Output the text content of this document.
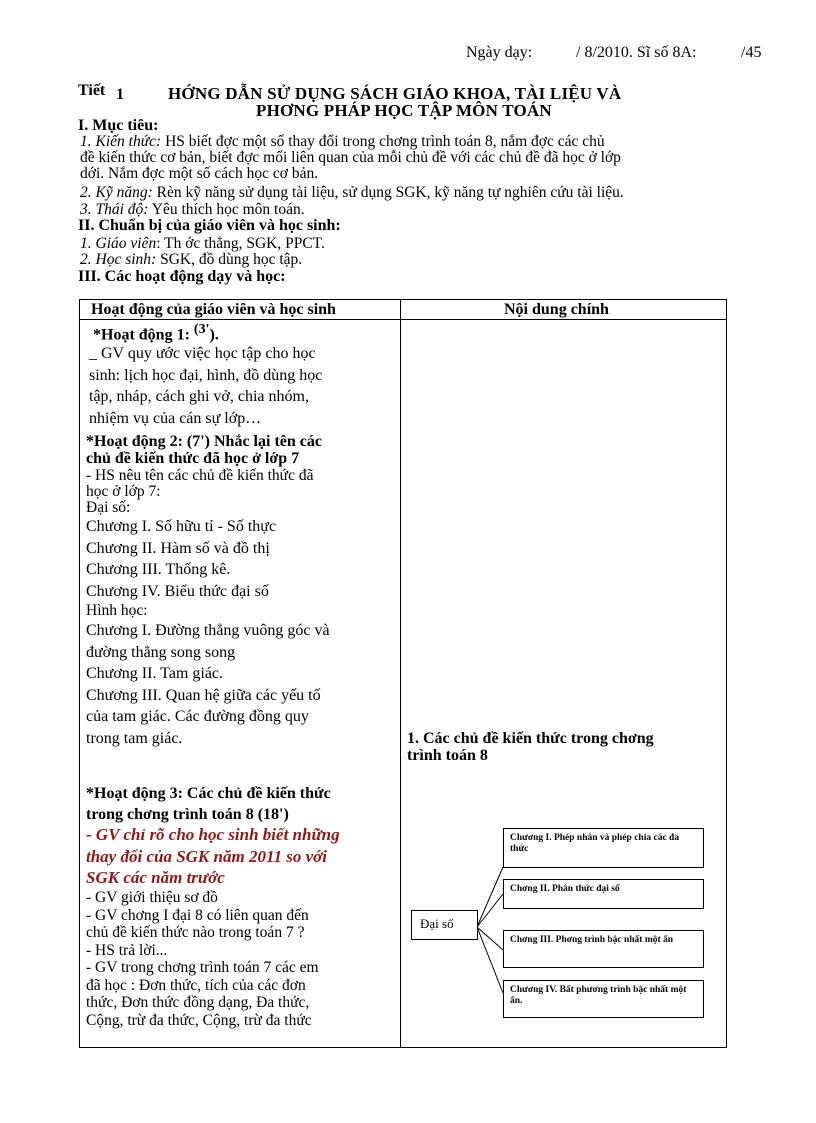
Ngày dạy:	/ 8/2010. Sĩ số 8A:	/45
Tiết 1	HỚNG DẪN SỬ DỤNG SÁCH GIÁO KHOA, TÀI LIỆU VÀ
PHƠNG PHÁP HỌC TẬP MÔN TOÁN
I. Mục tiêu:
1. Kiến thức: HS biết đợc một số thay đổi trong chơng trình toán 8, nắm đợc các chủ
đề kiến thức cơ bản, biết đợc mối liên quan của mỗi chủ đề với các chủ đề đã học ở lớp
dới. Nắm đợc một số cách học cơ bản.
2. Kỹ năng: Rèn kỹ năng sử dụng tài liệu, sử dụng SGK, kỹ năng tự nghiên cứu tài liệu.
3. Thái độ: Yêu thích học môn toán.
II. Chuẩn bị của giáo viên và học sinh:
1. Giáo viên: Th ớc thẳng, SGK, PPCT.
2. Học sinh: SGK, đồ dùng học tập.
III. Các hoạt động dạy và học:
Hoạt động của giáo viên và học sinh	Nội dung chính
*Hoạt động 1: $^{(3'}$).
_ GV quy ước việc học tập cho học
sinh: lịch học đại, hình, đồ dùng học
tập, nháp, cách ghi vở, chia nhóm,
nhiệm vụ của cán sự lớp…
*Hoạt động 2: (7') Nhắc lại tên các
chủ đề kiến thức đã học ở lớp 7
- HS nêu tên các chủ đề kiến thức đã
học ở lớp 7:
Đại số:
Chương I. Số hữu tỉ - Số thực
Chương II. Hàm số và đồ thị
Chương III. Thống kê.
Chương IV. Biểu thức đại số
Hình học:
Chương I. Đường thẳng vuông góc và
đường thẳng song song
Chương II. Tam giác.
Chương III. Quan hệ giữa các yếu tố
của tam giác. Các đường đồng quy
trong tam giác.	1. Các chủ đề kiến thức trong chơng
trình toán 8
*Hoạt động 3: Các chủ đề kiến thức
trong chơng trình toán 8 (18')
- GV chỉ rõ cho học sinh biết những
thay đổi của SGK năm 2011 so với
SGK các năm trước
- GV giới thiệu sơ đồ
- GV chơng I đại 8 có liên quan đến
chủ đề kiến thức nào trong toán 7 ?
- HS trả lời...
- GV trong chơng trình toán 7 các em
đã học : Đơn thức, tích của các đơn
thức, Đơn thức đồng dạng, Đa thức,
Cộng, trừ đa thức, Cộng, trừ đa thức
Đại số
Chương I. Phép nhân và phép chia các đa thức
Chơng II. Phân thức đại số
Chơng III. Phơng trình bậc nhất một ẩn
Chương IV. Bất phương trình bậc nhất một ẩn.
